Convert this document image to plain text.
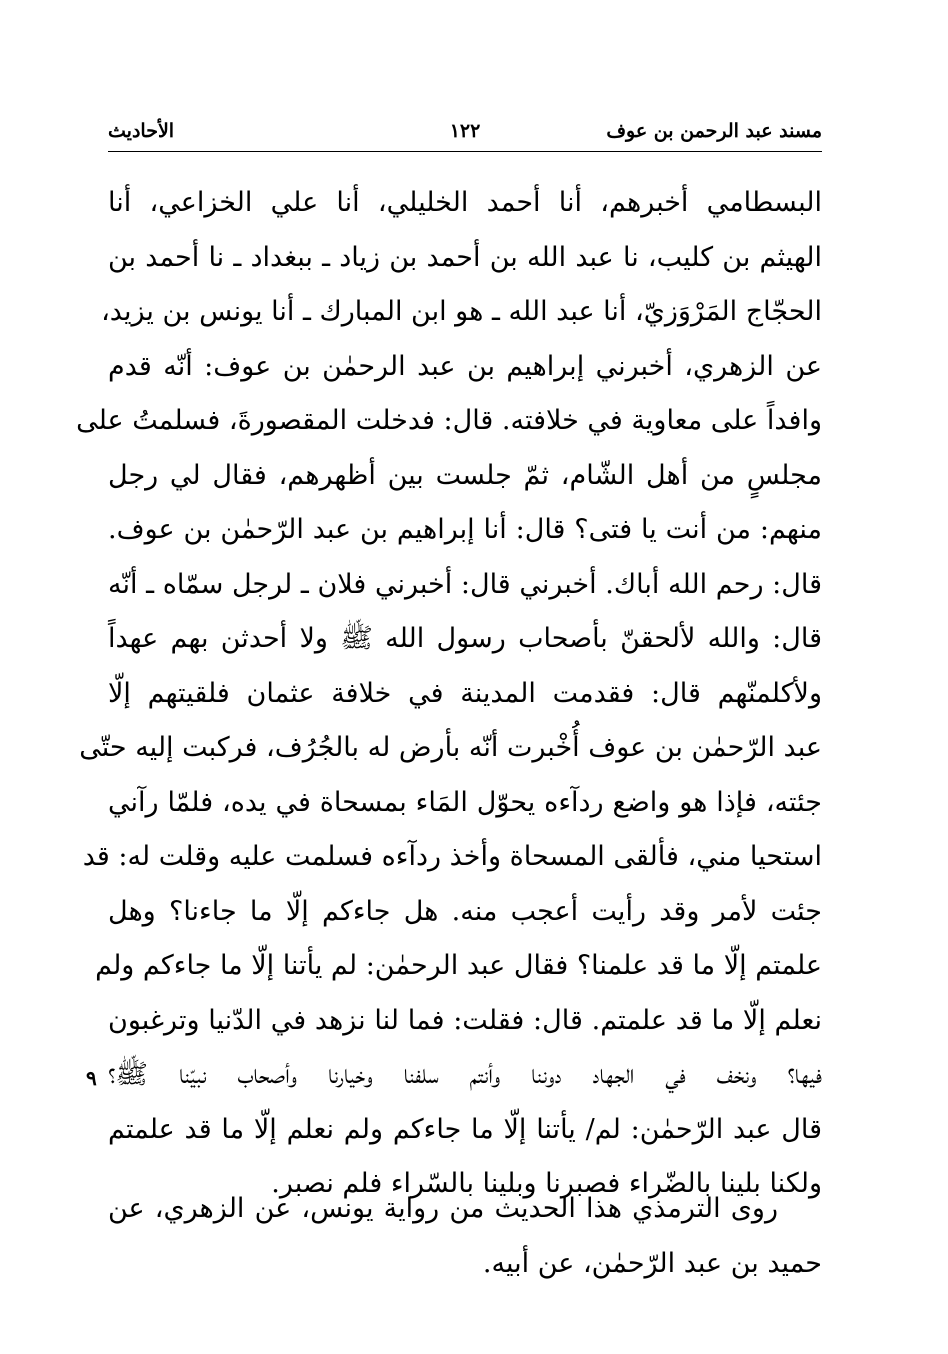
مسند عبد الرحمن بن عوف
١٢٢
الأحاديث
البسطامي أخبرهم، أنا أحمد الخليلي، أنا علي الخزاعي، أنا
الهيثم بن كليب، نا عبد الله بن أحمد بن زياد ـ ببغداد ـ نا أحمد بن
الحجّاج المَرْوَزيّ، أنا عبد الله ـ هو ابن المبارك ـ أنا يونس بن يزيد،
عن الزهري، أخبرني إبراهيم بن عبد الرحمٰن بن عوف: أنّه قدم
وافداً على معاوية في خلافته. قال: فدخلت المقصورةَ، فسلمتُ على
مجلسٍ من أهل الشّام، ثمّ جلست بين أظهرهم، فقال لي رجل
منهم: من أنت يا فتى؟ قال: أنا إبراهيم بن عبد الرّحمٰن بن عوف.
قال: رحم الله أباك. أخبرني قال: أخبرني فلان ـ لرجل سمّاه ـ أنّه
قال: والله لألحقنّ بأصحاب رسول الله ﷺ ولا أحدثن بهم عهداً
ولأكلمنّهم قال: فقدمت المدينة في خلافة عثمان فلقيتهم إلّا
عبد الرّحمٰن بن عوف أُخْبرت أنّه بأرض له بالجُرُف، فركبت إليه حتّى
جئته، فإذا هو واضع ردآءه يحوّل المَاء بمسحاة في يده، فلمّا رآني
استحيا مني، فألقى المسحاة وأخذ ردآءه فسلمت عليه وقلت له: قد
جئت لأمر وقد رأيت أعجب منه. هل جاءكم إلّا ما جاءنا؟ وهل
علمتم إلّا ما قد علمنا؟ فقال عبد الرحمٰن: لم يأتنا إلّا ما جاءكم ولم
نعلم إلّا ما قد علمتم. قال: فقلت: فما لنا نزهد في الدّنيا وترغبون
فيها؟ ونخف في الجهاد دوننا وأنتم سلفنا وخيارنا وأصحاب نبيّنا ﷺ؟
قال عبد الرّحمٰن: لم/ يأتنا إلّا ما جاءكم ولم نعلم إلّا ما قد علمتم
ولكنا بلينا بالضّراء فصبرنا وبلينا بالسّراء فلم نصبر.
٩
روى الترمذي هذا الحديث من رواية يونس، عن الزهري، عن
حميد بن عبد الرّحمٰن، عن أبيه.
